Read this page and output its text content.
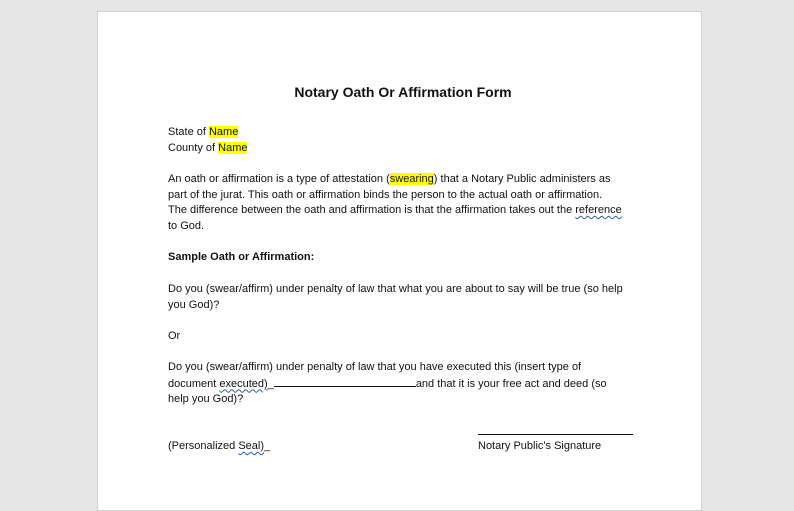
Notary Oath Or Affirmation Form
State of Name
County of Name
An oath or affirmation is a type of attestation (swearing) that a Notary Public administers as
part of the jurat. This oath or affirmation binds the person to the actual oath or affirmation.
The difference between the oath and affirmation is that the affirmation takes out the reference
to God.
Sample Oath or Affirmation:
Do you (swear/affirm) under penalty of law that what you are about to say will be true (so help
you God)?
Or
Do you (swear/affirm) under penalty of law that you have executed this (insert type of
document executed)_	and that it is your free act and deed (so
help you God)?
(Personalized Seal)_	Notary Public's Signature
